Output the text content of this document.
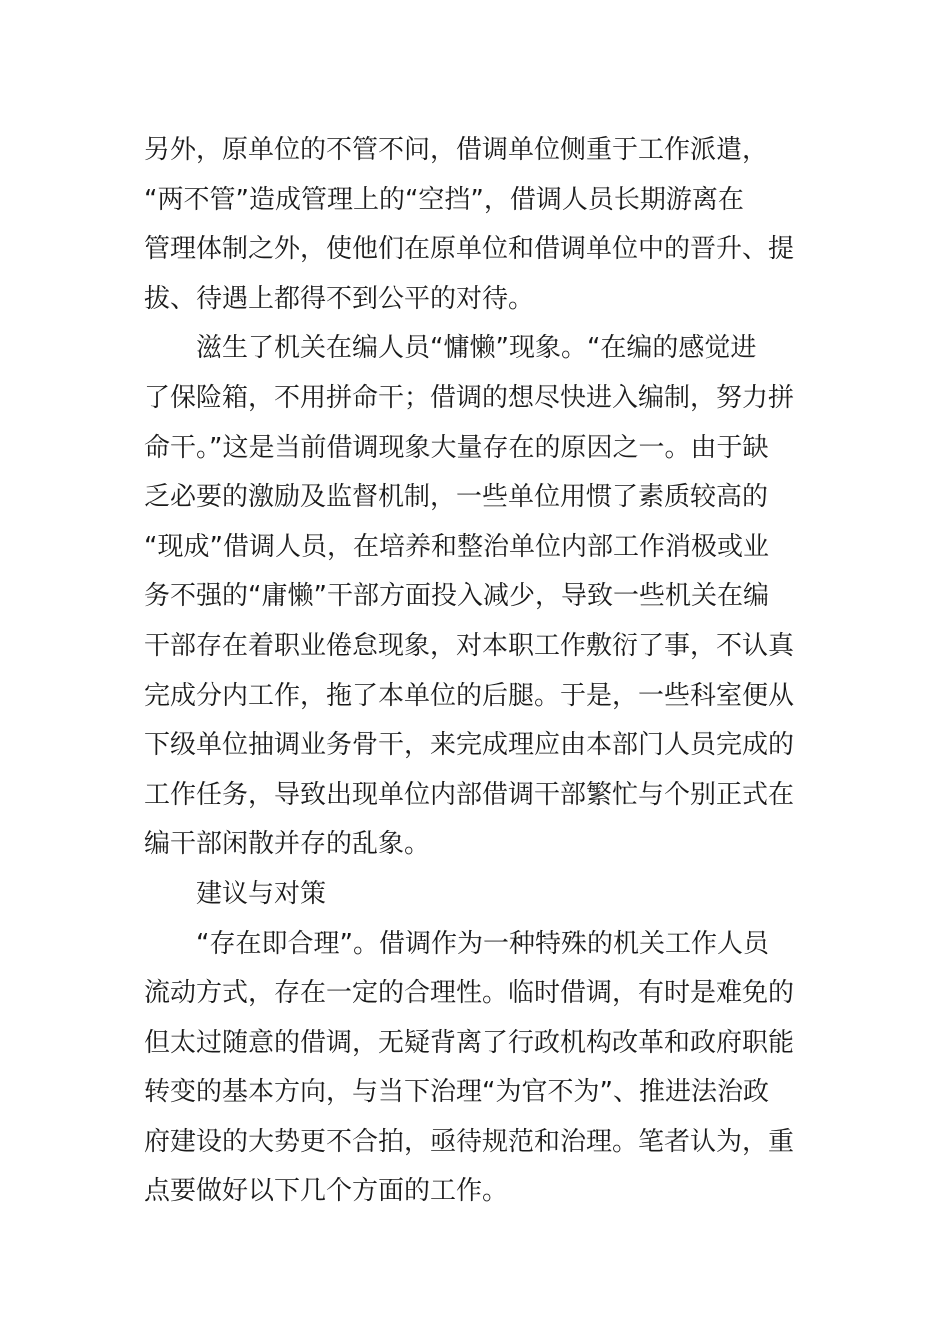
另外，原单位的不管不问，借调单位侧重于工作派遣，
“两不管”造成管理上的“空挡”，借调人员长期游离在
管理体制之外，使他们在原单位和借调单位中的晋升、提
拔、待遇上都得不到公平的对待。
　　滋生了机关在编人员“慵懒”现象。“在编的感觉进
了保险箱，不用拼命干；借调的想尽快进入编制，努力拼
命干。”这是当前借调现象大量存在的原因之一。由于缺
乏必要的激励及监督机制，一些单位用惯了素质较高的
“现成”借调人员，在培养和整治单位内部工作消极或业
务不强的“庸懒”干部方面投入减少，导致一些机关在编
干部存在着职业倦怠现象，对本职工作敷衍了事，不认真
完成分内工作，拖了本单位的后腿。于是，一些科室便从
下级单位抽调业务骨干，来完成理应由本部门人员完成的
工作任务，导致出现单位内部借调干部繁忙与个别正式在
编干部闲散并存的乱象。
　　建议与对策
　　“存在即合理”。借调作为一种特殊的机关工作人员
流动方式，存在一定的合理性。临时借调，有时是难免的
但太过随意的借调，无疑背离了行政机构改革和政府职能
转变的基本方向，与当下治理“为官不为”、推进法治政
府建设的大势更不合拍，亟待规范和治理。笔者认为，重
点要做好以下几个方面的工作。
